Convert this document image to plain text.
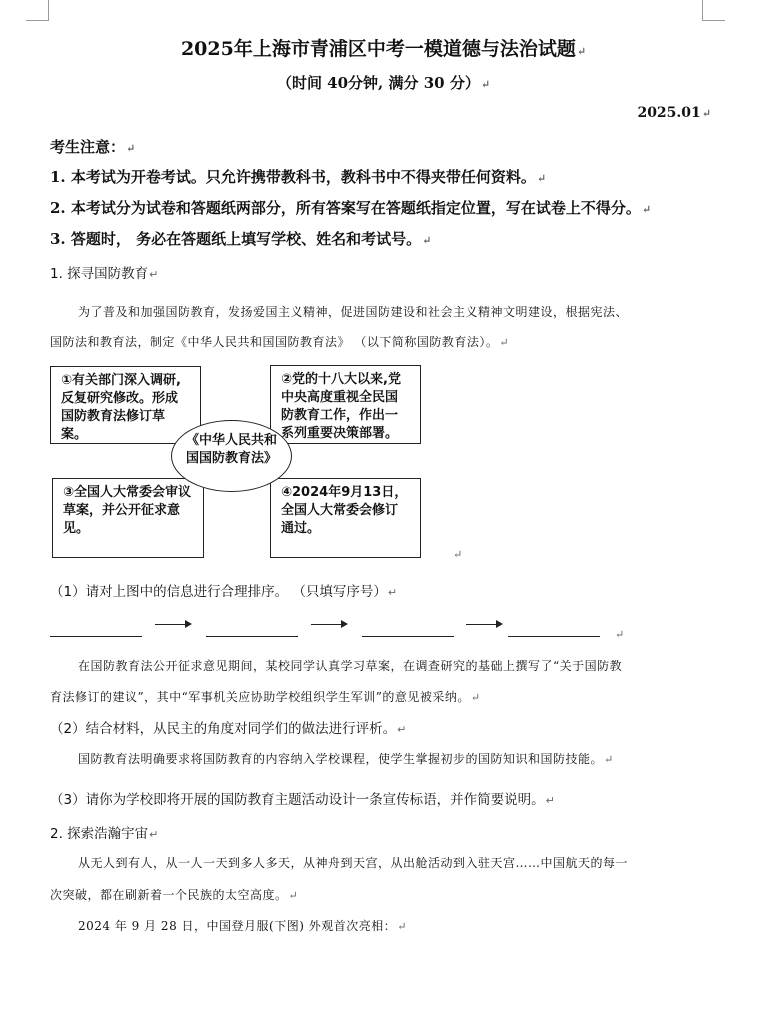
2025年上海市青浦区中考一模道德与法治试题↵
（时间 40分钟, 满分 30 分）↵
2025.01↵
考生注意：↵
1. 本考试为开卷考试。只允许携带教科书，教科书中不得夹带任何资料。↵
2. 本考试分为试卷和答题纸两部分，所有答案写在答题纸指定位置，写在试卷上不得分。↵
3. 答题时， 务必在答题纸上填写学校、姓名和考试号。↵
1. 探寻国防教育↵
为了普及和加强国防教育，发扬爱国主义精神，促进国防建设和社会主义精神文明建设，根据宪法、
国防法和教育法，制定《中华人民共和国国防教育法》 （以下简称国防教育法）。↵
①有关部门深入调研,反复研究修改。形成国防教育法修订草案。
②党的十八大以来,党中央高度重视全民国防教育工作，作出一系列重要决策部署。
③全国人大常委会审议草案，并公开征求意见。
④2024年9月13日，全国人大常委会修订通过。
《中华人民共和国国防教育法》
↵
（1）请对上图中的信息进行合理排序。 （只填写序号）↵
↵
在国防教育法公开征求意见期间，某校同学认真学习草案，在调查研究的基础上撰写了“关于国防教
育法修订的建议”，其中“军事机关应协助学校组织学生军训”的意见被采纳。↵
（2）结合材料，从民主的角度对同学们的做法进行评析。↵
国防教育法明确要求将国防教育的内容纳入学校课程，使学生掌握初步的国防知识和国防技能。↵
（3）请你为学校即将开展的国防教育主题活动设计一条宣传标语，并作简要说明。↵
2. 探索浩瀚宇宙↵
从无人到有人，从一人一天到多人多天，从神舟到天宫，从出舱活动到入驻天宫……中国航天的每一
次突破，都在刷新着一个民族的太空高度。↵
2024 年 9 月 28 日，中国登月服(下图) 外观首次亮相：↵
